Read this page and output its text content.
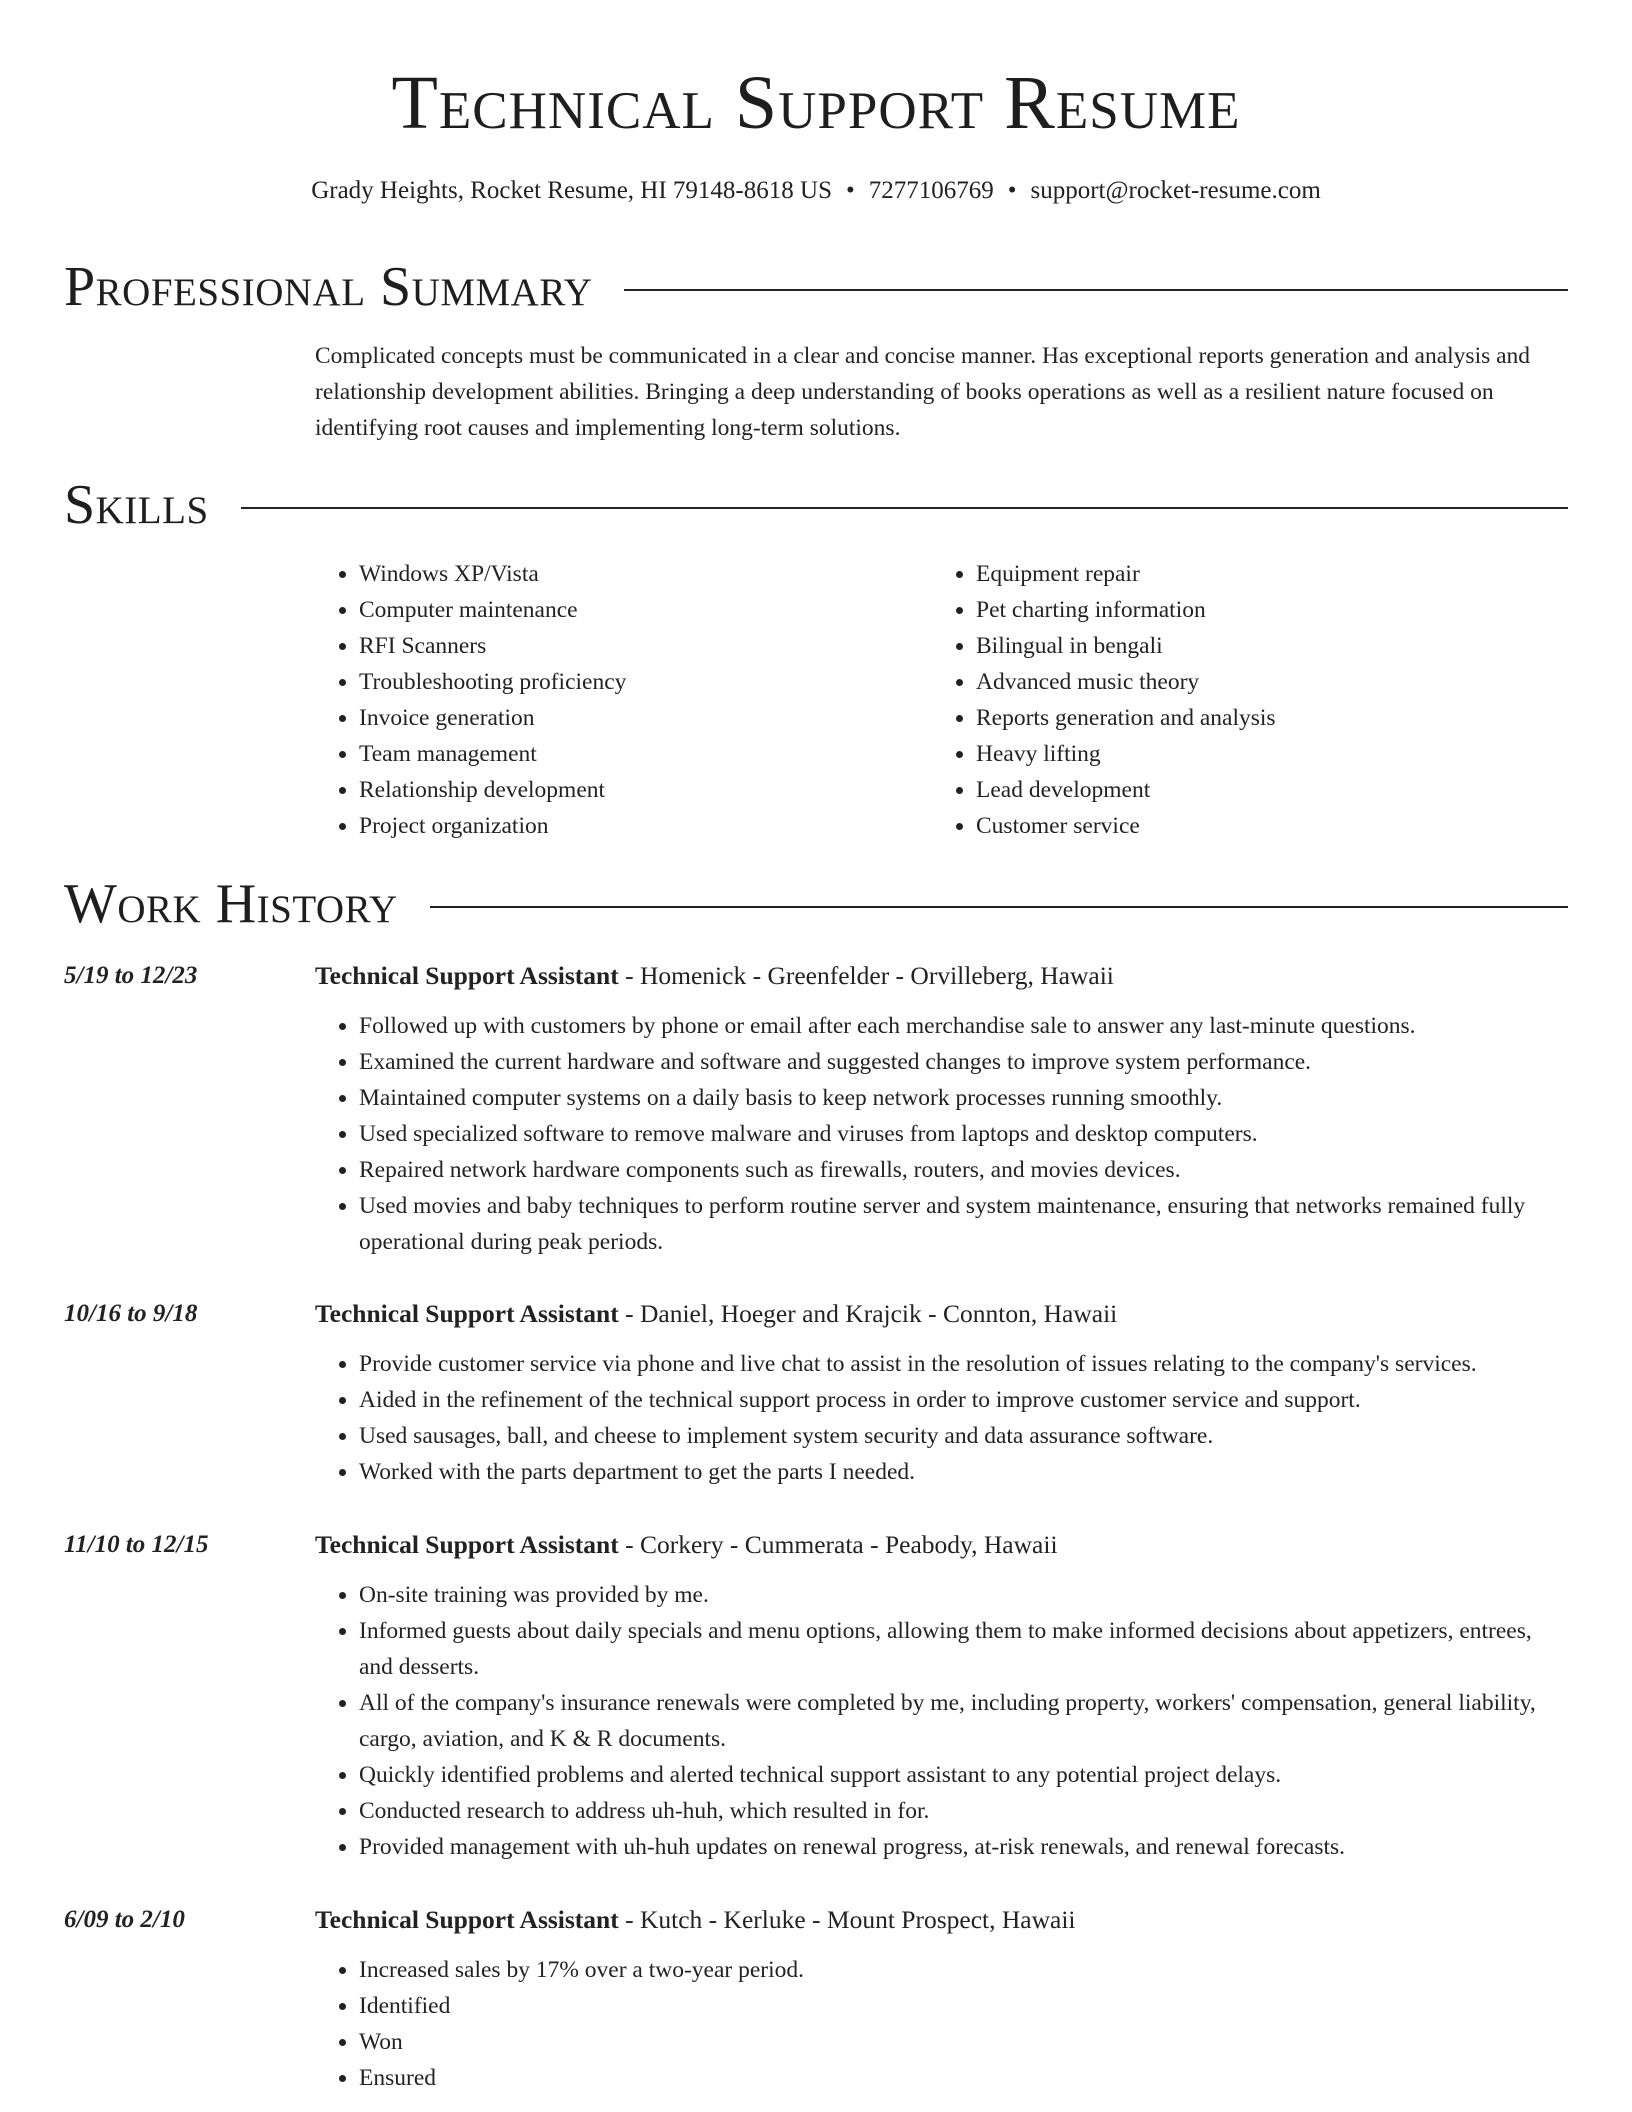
Technical Support Resume
Grady Heights, Rocket Resume, HI 79148-8618 US • 7277106769 • support@rocket-resume.com
Professional Summary

Complicated concepts must be communicated in a clear and concise manner. Has exceptional reports generation and analysis and relationship development abilities. Bringing a deep understanding of books operations as well as a resilient nature focused on identifying root causes and implementing long-term solutions.

Skills
• Windows XP/Vista
• Computer maintenance
• RFI Scanners
• Troubleshooting proficiency
• Invoice generation
• Team management
• Relationship development
• Project organization
• Equipment repair
• Pet charting information
• Bilingual in bengali
• Advanced music theory
• Reports generation and analysis
• Heavy lifting
• Lead development
• Customer service
Work History
5/19 to 12/23	Technical Support Assistant - Homenick - Greenfelder - Orvilleberg, Hawaii
• Followed up with customers by phone or email after each merchandise sale to answer any last-minute questions.
• Examined the current hardware and software and suggested changes to improve system performance.
• Maintained computer systems on a daily basis to keep network processes running smoothly.
• Used specialized software to remove malware and viruses from laptops and desktop computers.
• Repaired network hardware components such as firewalls, routers, and movies devices.
• Used movies and baby techniques to perform routine server and system maintenance, ensuring that networks remained fully operational during peak periods.
10/16 to 9/18	Technical Support Assistant - Daniel, Hoeger and Krajcik - Connton, Hawaii
• Provide customer service via phone and live chat to assist in the resolution of issues relating to the company's services.
• Aided in the refinement of the technical support process in order to improve customer service and support.
• Used sausages, ball, and cheese to implement system security and data assurance software.
• Worked with the parts department to get the parts I needed.
11/10 to 12/15	Technical Support Assistant - Corkery - Cummerata - Peabody, Hawaii
• On-site training was provided by me.
• Informed guests about daily specials and menu options, allowing them to make informed decisions about appetizers, entrees, and desserts.
• All of the company's insurance renewals were completed by me, including property, workers' compensation, general liability, cargo, aviation, and K & R documents.
• Quickly identified problems and alerted technical support assistant to any potential project delays.
• Conducted research to address uh-huh, which resulted in for.
• Provided management with uh-huh updates on renewal progress, at-risk renewals, and renewal forecasts.
6/09 to 2/10	Technical Support Assistant - Kutch - Kerluke - Mount Prospect, Hawaii
• Increased sales by 17% over a two-year period.
• Identified
• Won
• Ensured
